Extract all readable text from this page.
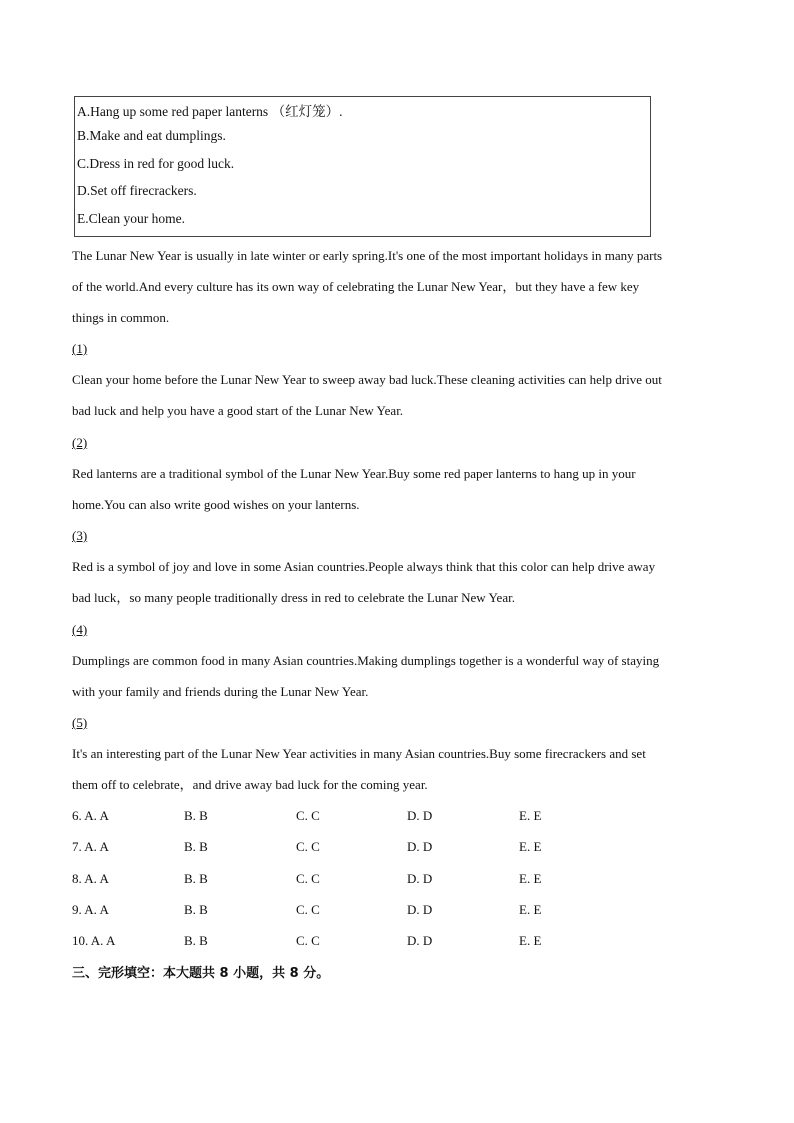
A.Hang up some red paper lanterns （红灯笼）.
B.Make and eat dumplings.
C.Dress in red for good luck.
D.Set off firecrackers.
E.Clean your home.
The Lunar New Year is usually in late winter or early spring.It's one of the most important holidays in many parts
of the world.And every culture has its own way of celebrating the Lunar New Year，but they have a few key
things in common.
(1)
Clean your home before the Lunar New Year to sweep away bad luck.These cleaning activities can help drive out
bad luck and help you have a good start of the Lunar New Year.
(2)
Red lanterns are a traditional symbol of the Lunar New Year.Buy some red paper lanterns to hang up in your
home.You can also write good wishes on your lanterns.
(3)
Red is a symbol of joy and love in some Asian countries.People always think that this color can help drive away
bad luck，so many people traditionally dress in red to celebrate the Lunar New Year.
(4)
Dumplings are common food in many Asian countries.Making dumplings together is a wonderful way of staying
with your family and friends during the Lunar New Year.
(5)
It's an interesting part of the Lunar New Year activities in many Asian countries.Buy some firecrackers and set
them off to celebrate，and drive away bad luck for the coming year.
6. A. A	B. B	C. C	D. D	E. E
7. A. A	B. B	C. C	D. D	E. E
8. A. A	B. B	C. C	D. D	E. E
9. A. A	B. B	C. C	D. D	E. E
10. A. A	B. B	C. C	D. D	E. E
三、完形填空：本大题共 8 小题，共 8 分。
